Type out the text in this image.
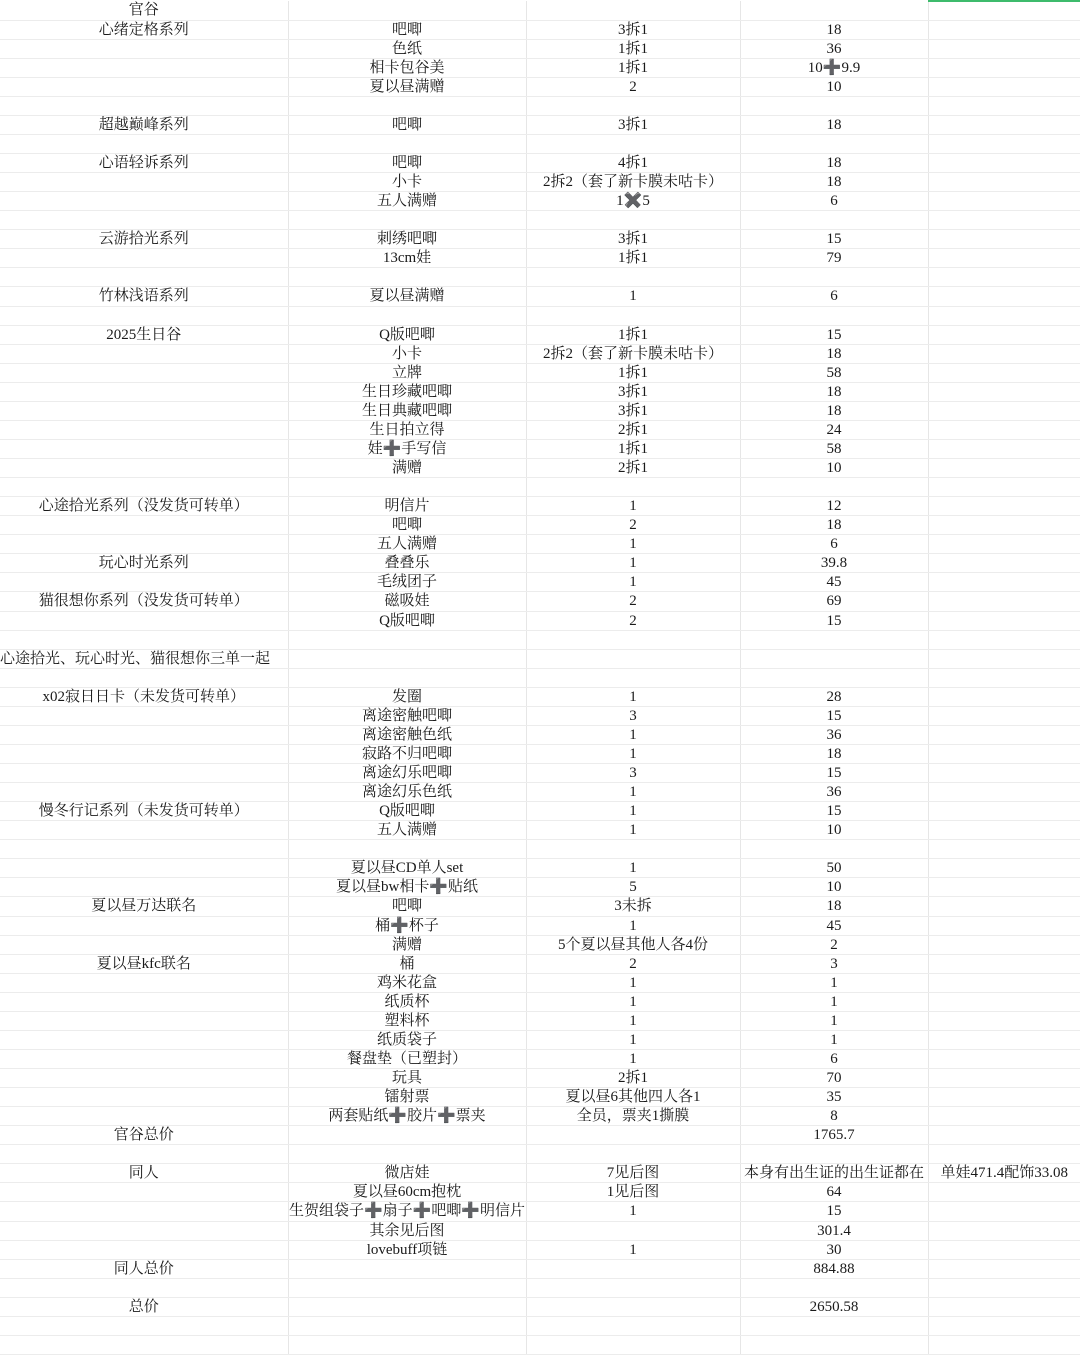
官谷				
心绪定格系列	吧唧	3拆1	18	
	色纸	1拆1	36	
	相卡包谷美	1拆1	10➕9.9	
	夏以昼满赠	2	10	

超越巅峰系列	吧唧	3拆1	18	

心语轻诉系列	吧唧	4拆1	18	
	小卡	2拆2（套了新卡膜未咕卡）	18	
	五人满赠	1✖️5	6	

云游拾光系列	刺绣吧唧	3拆1	15	
	13cm娃	1拆1	79	

竹林浅语系列	夏以昼满赠	1	6	

2025生日谷	Q版吧唧	1拆1	15	
	小卡	2拆2（套了新卡膜未咕卡）	18	
	立牌	1拆1	58	
	生日珍藏吧唧	3拆1	18	
	生日典藏吧唧	3拆1	18	
	生日拍立得	2拆1	24	
	娃➕手写信	1拆1	58	
	满赠	2拆1	10	

心途拾光系列（没发货可转单）	明信片	1	12	
	吧唧	2	18	
	五人满赠	1	6	
玩心时光系列	叠叠乐	1	39.8	
	毛绒团子	1	45	
猫很想你系列（没发货可转单）	磁吸娃	2	69	
	Q版吧唧	2	15	

心途拾光、玩心时光、猫很想你三单一起				

x02寂日日卡（未发货可转单）	发圈	1	28	
	离途密触吧唧	3	15	
	离途密触色纸	1	36	
	寂路不归吧唧	1	18	
	离途幻乐吧唧	3	15	
	离途幻乐色纸	1	36	
慢冬行记系列（未发货可转单）	Q版吧唧	1	15	
	五人满赠	1	10	

	夏以昼CD单人set	1	50	
	夏以昼bw相卡➕贴纸	5	10	
夏以昼万达联名	吧唧	3未拆	18	
	桶➕杯子	1	45	
	满赠	5个夏以昼其他人各4份	2	
夏以昼kfc联名	桶	2	3	
	鸡米花盒	1	1	
	纸质杯	1	1	
	塑料杯	1	1	
	纸质袋子	1	1	
	餐盘垫（已塑封）	1	6	
	玩具	2拆1	70	
	镭射票	夏以昼6其他四人各1	35	
	两套贴纸➕胶片➕票夹	全员，票夹1撕膜	8	
官谷总价			1765.7	

同人	微店娃	7见后图	本身有出生证的出生证都在	单娃471.4配饰33.08
	夏以昼60cm抱枕	1见后图	64	
	生贺组袋子➕扇子➕吧唧➕明信片	1	15	
	其余见后图		301.4	
	lovebuff项链	1	30	
同人总价			884.88	

总价			2650.58	
